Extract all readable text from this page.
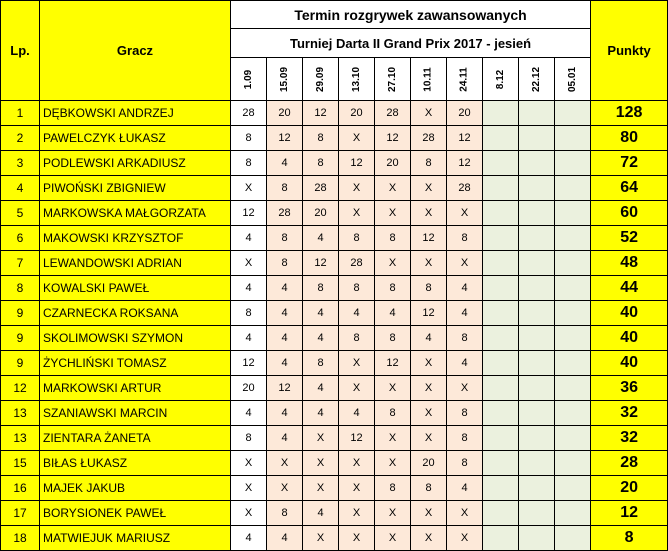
Lp.	Gracz	Termin rozgrywek zawansowanych										Punkty
		Turniej Darta II Grand Prix 2017 - jesień										
		1.09	15.09	29.09	13.10	27.10	10.11	24.11	8.12	22.12	05.01	
1	DĘBKOWSKI ANDRZEJ	28	20	12	20	28	X	20				128
2	PAWELCZYK ŁUKASZ	8	12	8	X	12	28	12				80
3	PODLEWSKI ARKADIUSZ	8	4	8	12	20	8	12				72
4	PIWOŃSKI ZBIGNIEW	X	8	28	X	X	X	28				64
5	MARKOWSKA MAŁGORZATA	12	28	20	X	X	X	X				60
6	MAKOWSKI KRZYSZTOF	4	8	4	8	8	12	8				52
7	LEWANDOWSKI ADRIAN	X	8	12	28	X	X	X				48
8	KOWALSKI PAWEŁ	4	4	8	8	8	8	4				44
9	CZARNECKA ROKSANA	8	4	4	4	4	12	4				40
9	SKOLIMOWSKI SZYMON	4	4	4	8	8	4	8				40
9	ŻYCHLIŃSKI TOMASZ	12	4	8	X	12	X	4				40
12	MARKOWSKI ARTUR	20	12	4	X	X	X	X				36
13	SZANIAWSKI MARCIN	4	4	4	4	8	X	8				32
13	ZIENTARA ŻANETA	8	4	X	12	X	X	8				32
15	BIŁAS ŁUKASZ	X	X	X	X	X	20	8				28
16	MAJEK JAKUB	X	X	X	X	8	8	4				20
17	BORYSIONEK PAWEŁ	X	8	4	X	X	X	X				12
18	MATWIEJUK MARIUSZ	4	4	X	X	X	X	X				8
